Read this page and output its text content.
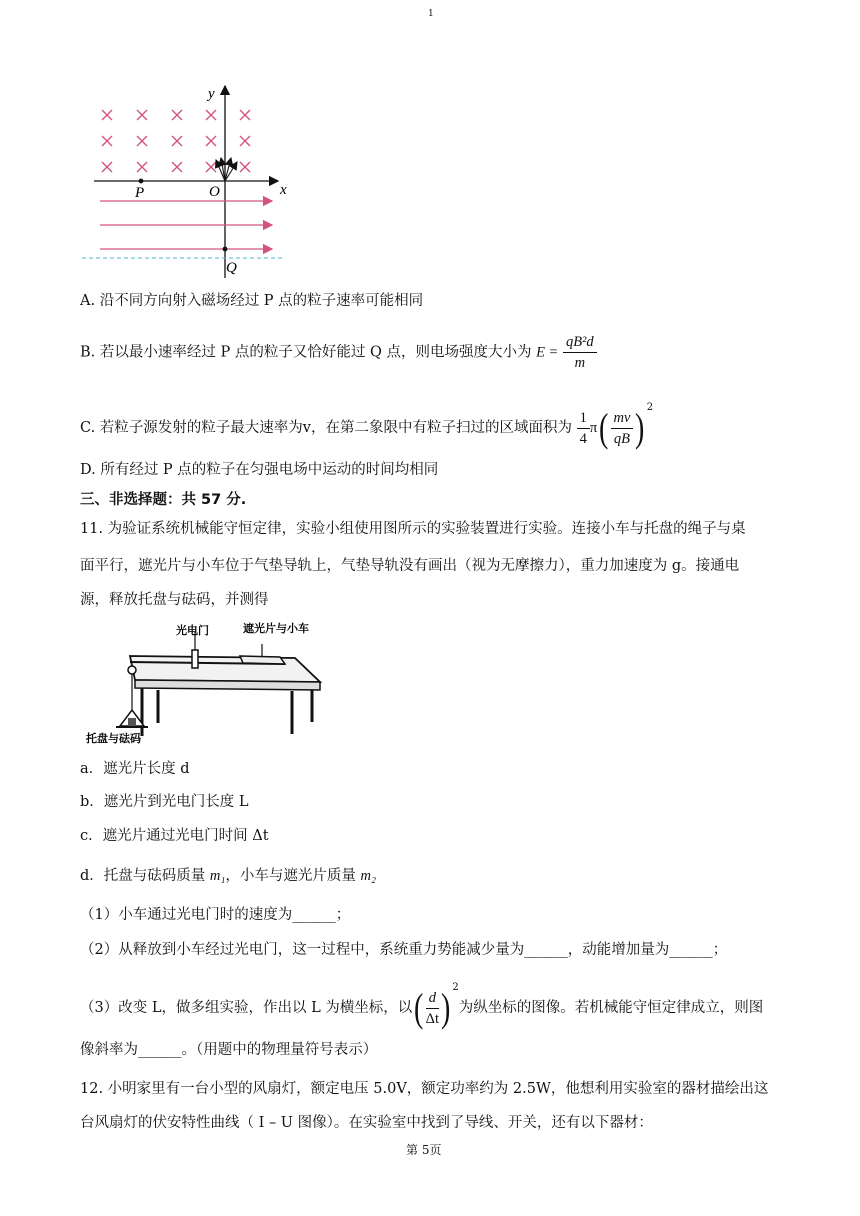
1
y
x
O
P
Q
A. 沿不同方向射入磁场经过 P 点的粒子速率可能相同
B. 若以最小速率经过 P 点的粒子又恰好能过 Q 点，则电场强度大小为 $E = \frac{\text{qB²d}}{m}$
C. 若粒子源发射的粒子最大速率为v，在第二象限中有粒子扫过的区域面积为 $\frac{1}{4} \pi( \frac{mv}{qB}$ ) $^2$
D. 所有经过 P 点的粒子在匀强电场中运动的时间均相同
三、非选择题：共 57 分.
11. 为验证系统机械能守恒定律，实验小组使用图所示的实验装置进行实验。连接小车与托盘的绳子与桌
面平行，遮光片与小车位于气垫导轨上，气垫导轨没有画出（视为无摩擦力），重力加速度为 g。接通电
源，释放托盘与砝码，并测得
光电门	遮光片与小车
托盘与砝码
a．遮光片长度 d
b．遮光片到光电门长度 L
c．遮光片通过光电门时间 Δt
d．托盘与砝码质量 m₁，小车与遮光片质量 m₂
（1）小车通过光电门时的速度为______；
（2）从释放到小车经过光电门，这一过程中，系统重力势能减少量为______，动能增加量为______；
（3）改变 L，做多组实验，作出以 L 为横坐标，以( $\frac{d}{\Delta t}$ ) $^2$为纵坐标的图像。若机械能守恒定律成立，则图
像斜率为______。（用题中的物理量符号表示）
12. 小明家里有一台小型的风扇灯，额定电压 5.0V，额定功率约为 2.5W，他想利用实验室的器材描绘出这
台风扇灯的伏安特性曲线（ I – U 图像）。在实验室中找到了导线、开关，还有以下器材：
第 5页
